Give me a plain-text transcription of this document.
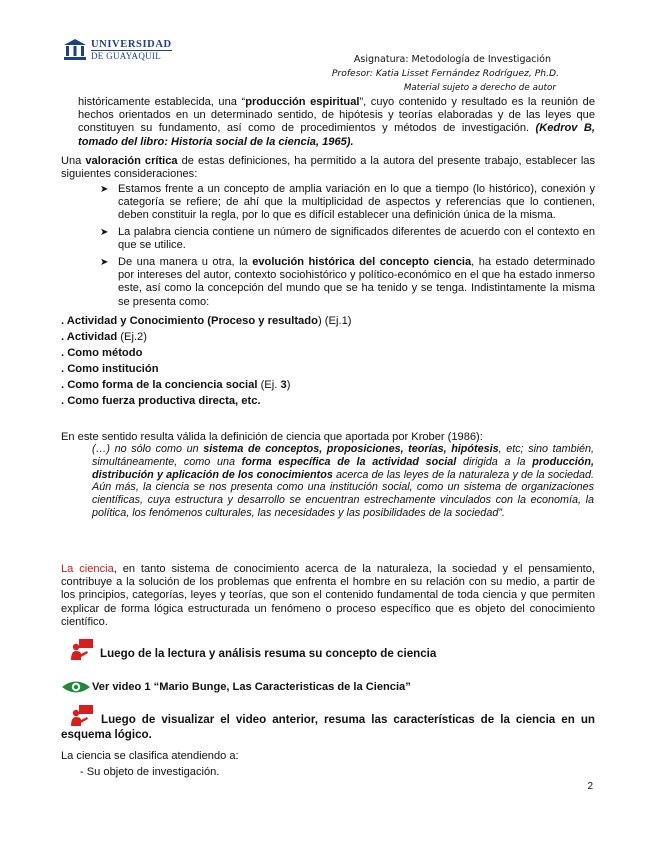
UNIVERSIDAD
DE GUAYAQUIL	Asignatura: Metodología de Investigación
Profesor: Katia Lisset Fernández Rodríguez, Ph.D.
Material sujeto a derecho de autor
históricamente establecida, una “producción espiritual”, cuyo contenido y resultado es la reunión de hechos orientados en un determinado sentido, de hipótesis y teorías elaboradas y de las leyes que constituyen su fundamento, así como de procedimientos y métodos de investigación. (Kedrov B, tomado del libro: Historia social de la ciencia, 1965).
Una valoración crítica de estas definiciones, ha permitido a la autora del presente trabajo, establecer las siguientes consideraciones:
➤ Estamos frente a un concepto de amplia variación en lo que a tiempo (lo histórico), conexión y categoría se refiere; de ahí que la multiplicidad de aspectos y referencias que lo contienen, deben constituir la regla, por lo que es difícil establecer una definición única de la misma.
➤ La palabra ciencia contiene un número de significados diferentes de acuerdo con el contexto en que se utilice.
➤ De una manera u otra, la evolución histórica del concepto ciencia, ha estado determinado por intereses del autor, contexto sociohistórico y político-económico en el que ha estado inmerso este, así como la concepción del mundo que se ha tenido y se tenga. Indistintamente la misma se presenta como:
. Actividad y Conocimiento (Proceso y resultado) (Ej.1)
. Actividad (Ej.2)
. Como método
. Como institución
. Como forma de la conciencia social (Ej. 3)
. Como fuerza productiva directa, etc.
En este sentido resulta válida la definición de ciencia que aportada por Krober (1986):
(…) no sólo como un sistema de conceptos, proposiciones, teorías, hipótesis, etc; sino también, simultáneamente, como una forma específica de la actividad social dirigida a la producción, distribución y aplicación de los conocimientos acerca de las leyes de la naturaleza y de la sociedad. Aún más, la ciencia se nos presenta como una institución social, como un sistema de organizaciones científicas, cuya estructura y desarrollo se encuentran estrechamente vinculados con la economía, la política, los fenómenos culturales, las necesidades y las posibilidades de la sociedad”.
La ciencia, en tanto sistema de conocimiento acerca de la naturaleza, la sociedad y el pensamiento, contribuye a la solución de los problemas que enfrenta el hombre en su relación con su medio, a partir de los principios, categorías, leyes y teorías, que son el contenido fundamental de toda ciencia y que permiten explicar de forma lógica estructurada un fenómeno o proceso específico que es objeto del conocimiento científico.
Luego de la lectura y análisis resuma su concepto de ciencia
Ver video 1 “Mario Bunge, Las Caracteristicas de la Ciencia”
Luego de visualizar el video anterior, resuma las características de la ciencia en un esquema lógico.
La ciencia se clasifica atendiendo a:
- Su objeto de investigación.
2
